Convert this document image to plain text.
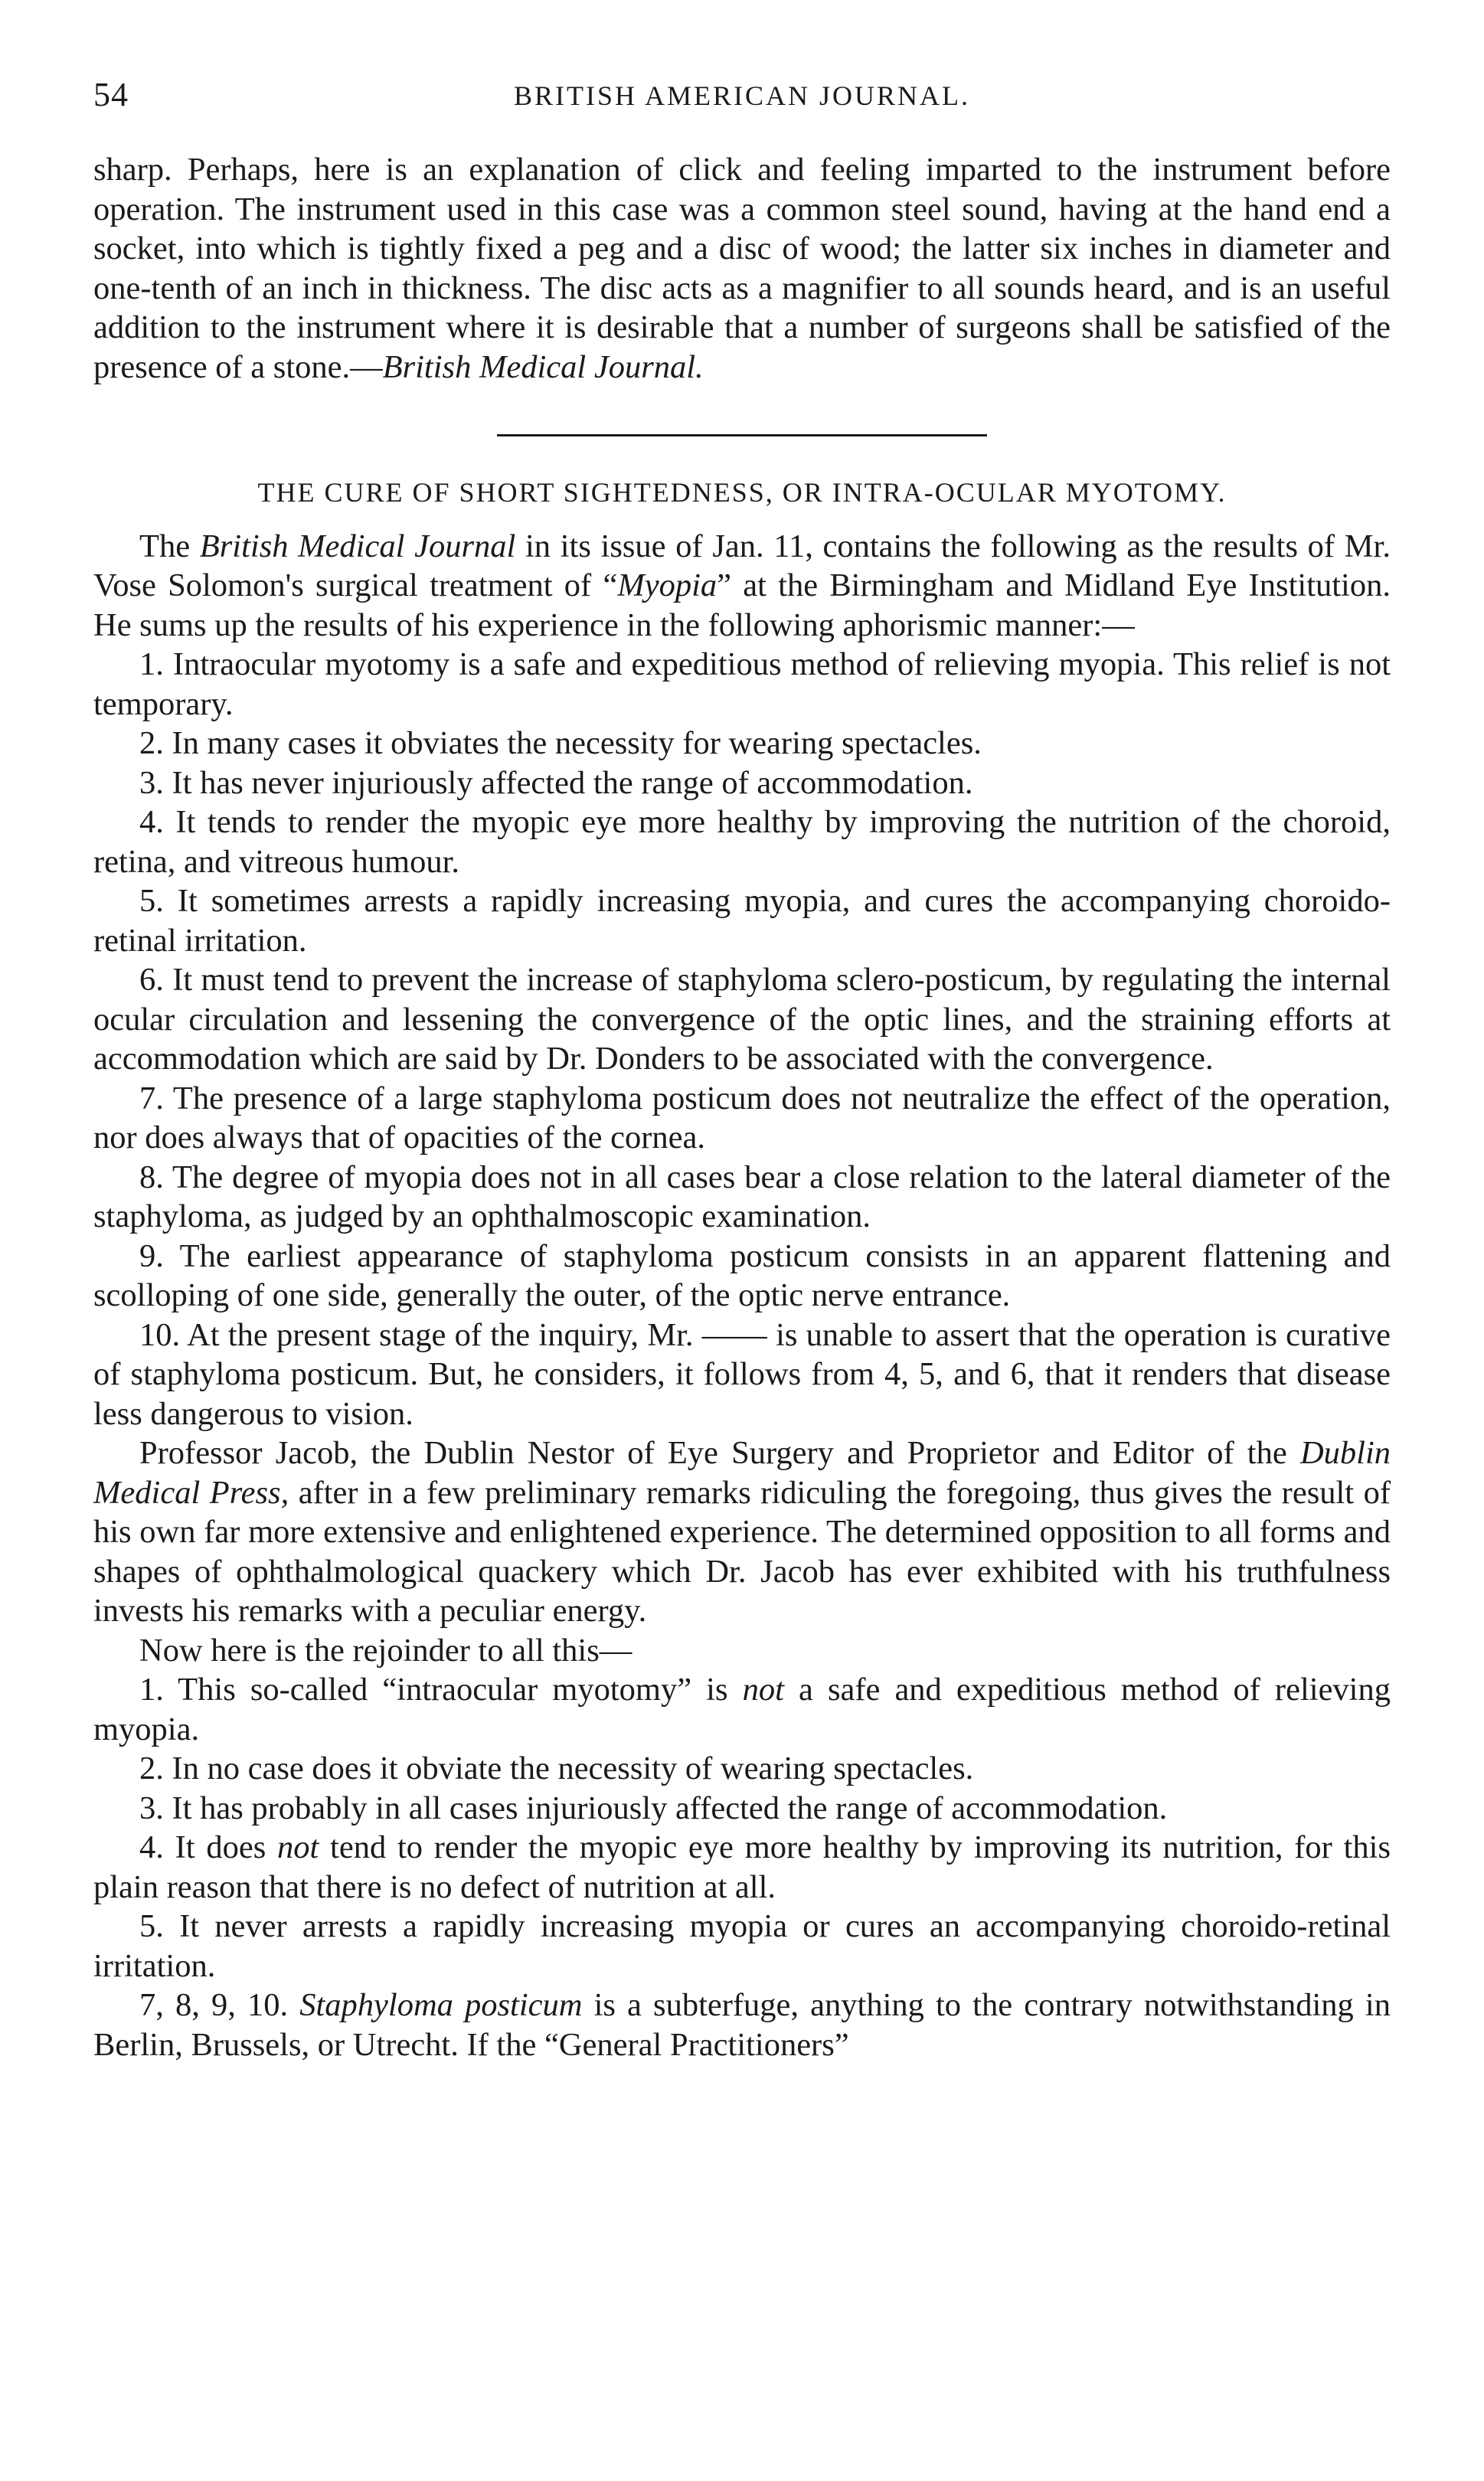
54	BRITISH AMERICAN JOURNAL.

sharp. Perhaps, here is an explanation of click and feeling imparted to the instrument before operation. The instrument used in this case was a common steel sound, having at the hand end a socket, into which is tightly fixed a peg and a disc of wood; the latter six inches in diameter and one-tenth of an inch in thickness. The disc acts as a magnifier to all sounds heard, and is an useful addition to the instrument where it is desirable that a number of surgeons shall be satisfied of the presence of a stone.—British Medical Journal.

THE CURE OF SHORT SIGHTEDNESS, OR INTRA-OCULAR MYOTOMY.

The British Medical Journal in its issue of Jan. 11, contains the following as the results of Mr. Vose Solomon's surgical treatment of “Myopia” at the Birmingham and Midland Eye Institution. He sums up the results of his experience in the following aphorismic manner:—

1. Intraocular myotomy is a safe and expeditious method of relieving myopia. This relief is not temporary.

2. In many cases it obviates the necessity for wearing spectacles.

3. It has never injuriously affected the range of accommodation.

4. It tends to render the myopic eye more healthy by improving the nutrition of the choroid, retina, and vitreous humour.

5. It sometimes arrests a rapidly increasing myopia, and cures the accompanying choroido-retinal irritation.

6. It must tend to prevent the increase of staphyloma sclero-posticum, by regulating the internal ocular circulation and lessening the convergence of the optic lines, and the straining efforts at accommodation which are said by Dr. Donders to be associated with the convergence.

7. The presence of a large staphyloma posticum does not neutralize the effect of the operation, nor does always that of opacities of the cornea.

8. The degree of myopia does not in all cases bear a close relation to the lateral diameter of the staphyloma, as judged by an ophthalmoscopic examination.

9. The earliest appearance of staphyloma posticum consists in an apparent flattening and scolloping of one side, generally the outer, of the optic nerve entrance.

10. At the present stage of the inquiry, Mr. —— is unable to assert that the operation is curative of staphyloma posticum. But, he considers, it follows from 4, 5, and 6, that it renders that disease less dangerous to vision.

Professor Jacob, the Dublin Nestor of Eye Surgery and Proprietor and Editor of the Dublin Medical Press, after in a few preliminary remarks ridiculing the foregoing, thus gives the result of his own far more extensive and enlightened experience. The determined opposition to all forms and shapes of ophthalmological quackery which Dr. Jacob has ever exhibited with his truthfulness invests his remarks with a peculiar energy.

Now here is the rejoinder to all this—

1. This so-called “intraocular myotomy” is not a safe and expeditious method of relieving myopia.

2. In no case does it obviate the necessity of wearing spectacles.

3. It has probably in all cases injuriously affected the range of accommodation.

4. It does not tend to render the myopic eye more healthy by improving its nutrition, for this plain reason that there is no defect of nutrition at all.

5. It never arrests a rapidly increasing myopia or cures an accompanying choroido-retinal irritation.

7, 8, 9, 10. Staphyloma posticum is a subterfuge, anything to the contrary notwithstanding in Berlin, Brussels, or Utrecht. If the “General Practitioners”
